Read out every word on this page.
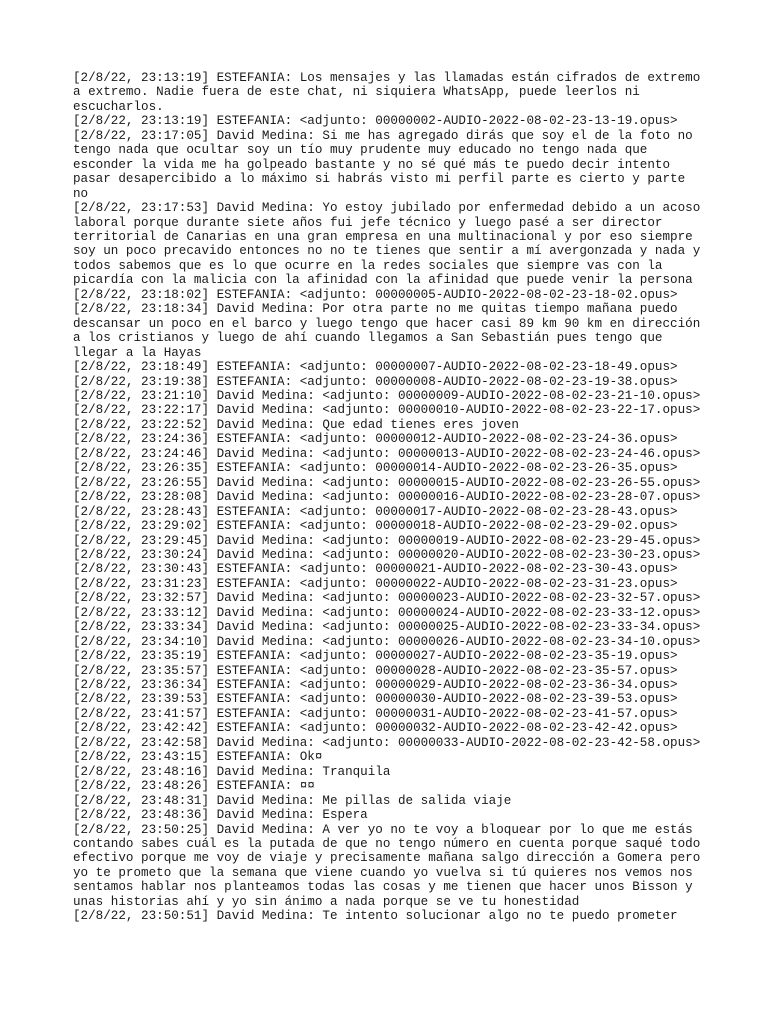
[2/8/22, 23:13:19] ESTEFANIA: Los mensajes y las llamadas están cifrados de extremo
a extremo. Nadie fuera de este chat, ni siquiera WhatsApp, puede leerlos ni
escucharlos.
[2/8/22, 23:13:19] ESTEFANIA: <adjunto: 00000002-AUDIO-2022-08-02-23-13-19.opus>
[2/8/22, 23:17:05] David Medina: Si me has agregado dirás que soy el de la foto no
tengo nada que ocultar soy un tío muy prudente muy educado no tengo nada que
esconder la vida me ha golpeado bastante y no sé qué más te puedo decir intento
pasar desapercibido a lo máximo si habrás visto mi perfil parte es cierto y parte
no
[2/8/22, 23:17:53] David Medina: Yo estoy jubilado por enfermedad debido a un acoso
laboral porque durante siete años fui jefe técnico y luego pasé a ser director
territorial de Canarias en una gran empresa en una multinacional y por eso siempre
soy un poco precavido entonces no no te tienes que sentir a mí avergonzada y nada y
todos sabemos que es lo que ocurre en la redes sociales que siempre vas con la
picardía con la malicia con la afinidad con la afinidad que puede venir la persona
[2/8/22, 23:18:02] ESTEFANIA: <adjunto: 00000005-AUDIO-2022-08-02-23-18-02.opus>
[2/8/22, 23:18:34] David Medina: Por otra parte no me quitas tiempo mañana puedo
descansar un poco en el barco y luego tengo que hacer casi 89 km 90 km en dirección
a los cristianos y luego de ahí cuando llegamos a San Sebastián pues tengo que
llegar a la Hayas
[2/8/22, 23:18:49] ESTEFANIA: <adjunto: 00000007-AUDIO-2022-08-02-23-18-49.opus>
[2/8/22, 23:19:38] ESTEFANIA: <adjunto: 00000008-AUDIO-2022-08-02-23-19-38.opus>
[2/8/22, 23:21:10] David Medina: <adjunto: 00000009-AUDIO-2022-08-02-23-21-10.opus>
[2/8/22, 23:22:17] David Medina: <adjunto: 00000010-AUDIO-2022-08-02-23-22-17.opus>
[2/8/22, 23:22:52] David Medina: Que edad tienes eres joven
[2/8/22, 23:24:36] ESTEFANIA: <adjunto: 00000012-AUDIO-2022-08-02-23-24-36.opus>
[2/8/22, 23:24:46] David Medina: <adjunto: 00000013-AUDIO-2022-08-02-23-24-46.opus>
[2/8/22, 23:26:35] ESTEFANIA: <adjunto: 00000014-AUDIO-2022-08-02-23-26-35.opus>
[2/8/22, 23:26:55] David Medina: <adjunto: 00000015-AUDIO-2022-08-02-23-26-55.opus>
[2/8/22, 23:28:08] David Medina: <adjunto: 00000016-AUDIO-2022-08-02-23-28-07.opus>
[2/8/22, 23:28:43] ESTEFANIA: <adjunto: 00000017-AUDIO-2022-08-02-23-28-43.opus>
[2/8/22, 23:29:02] ESTEFANIA: <adjunto: 00000018-AUDIO-2022-08-02-23-29-02.opus>
[2/8/22, 23:29:45] David Medina: <adjunto: 00000019-AUDIO-2022-08-02-23-29-45.opus>
[2/8/22, 23:30:24] David Medina: <adjunto: 00000020-AUDIO-2022-08-02-23-30-23.opus>
[2/8/22, 23:30:43] ESTEFANIA: <adjunto: 00000021-AUDIO-2022-08-02-23-30-43.opus>
[2/8/22, 23:31:23] ESTEFANIA: <adjunto: 00000022-AUDIO-2022-08-02-23-31-23.opus>
[2/8/22, 23:32:57] David Medina: <adjunto: 00000023-AUDIO-2022-08-02-23-32-57.opus>
[2/8/22, 23:33:12] David Medina: <adjunto: 00000024-AUDIO-2022-08-02-23-33-12.opus>
[2/8/22, 23:33:34] David Medina: <adjunto: 00000025-AUDIO-2022-08-02-23-33-34.opus>
[2/8/22, 23:34:10] David Medina: <adjunto: 00000026-AUDIO-2022-08-02-23-34-10.opus>
[2/8/22, 23:35:19] ESTEFANIA: <adjunto: 00000027-AUDIO-2022-08-02-23-35-19.opus>
[2/8/22, 23:35:57] ESTEFANIA: <adjunto: 00000028-AUDIO-2022-08-02-23-35-57.opus>
[2/8/22, 23:36:34] ESTEFANIA: <adjunto: 00000029-AUDIO-2022-08-02-23-36-34.opus>
[2/8/22, 23:39:53] ESTEFANIA: <adjunto: 00000030-AUDIO-2022-08-02-23-39-53.opus>
[2/8/22, 23:41:57] ESTEFANIA: <adjunto: 00000031-AUDIO-2022-08-02-23-41-57.opus>
[2/8/22, 23:42:42] ESTEFANIA: <adjunto: 00000032-AUDIO-2022-08-02-23-42-42.opus>
[2/8/22, 23:42:58] David Medina: <adjunto: 00000033-AUDIO-2022-08-02-23-42-58.opus>
[2/8/22, 23:43:15] ESTEFANIA: Ok¤
[2/8/22, 23:48:16] David Medina: Tranquila
[2/8/22, 23:48:26] ESTEFANIA: ¤¤
[2/8/22, 23:48:31] David Medina: Me pillas de salida viaje
[2/8/22, 23:48:36] David Medina: Espera
[2/8/22, 23:50:25] David Medina: A ver yo no te voy a bloquear por lo que me estás
contando sabes cuál es la putada de que no tengo número en cuenta porque saqué todo
efectivo porque me voy de viaje y precisamente mañana salgo dirección a Gomera pero
yo te prometo que la semana que viene cuando yo vuelva si tú quieres nos vemos nos
sentamos hablar nos planteamos todas las cosas y me tienen que hacer unos Bisson y
unas historias ahí y yo sin ánimo a nada porque se ve tu honestidad
[2/8/22, 23:50:51] David Medina: Te intento solucionar algo no te puedo prometer
